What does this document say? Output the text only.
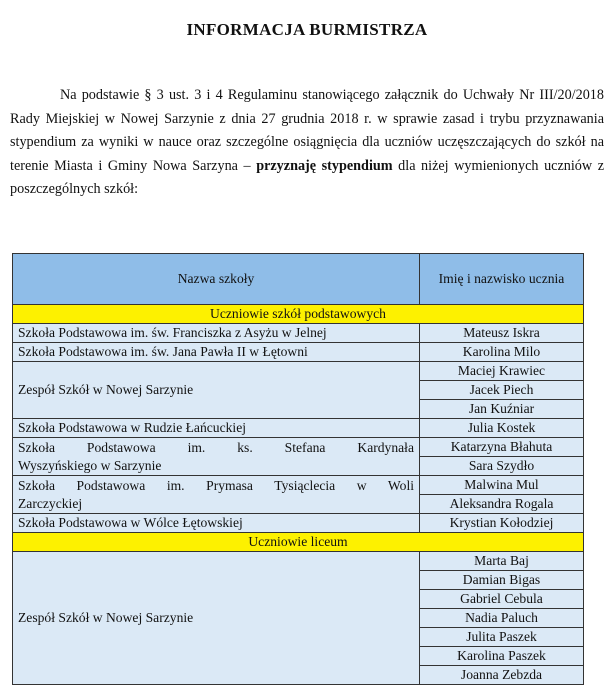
INFORMACJA BURMISTRZA

Na podstawie § 3 ust. 3 i 4 Regulaminu stanowiącego załącznik do Uchwały Nr III/20/2018 Rady Miejskiej w Nowej Sarzynie z dnia 27 grudnia 2018 r. w sprawie zasad i trybu przyznawania stypendium za wyniki w nauce oraz szczególne osiągnięcia dla uczniów uczęszczających do szkół na terenie Miasta i Gminy Nowa Sarzyna – przyznaję stypendium dla niżej wymienionych uczniów z poszczególnych szkół:

Nazwa szkoły	Imię i nazwisko ucznia
Uczniowie szkół podstawowych	
Szkoła Podstawowa im. św. Franciszka z Asyżu w Jelnej	Mateusz Iskra
Szkoła Podstawowa im. św. Jana Pawła II w Łętowni	Karolina Milo
Zespół Szkół w Nowej Sarzynie	Maciej Krawiec
	Jacek Piech
	Jan Kuźniar
Szkoła Podstawowa w Rudzie Łańcuckiej	Julia Kostek

Szkoła Podstawowa im. ks. Stefana Kardynała
Wyszyńskiego w Sarzynie	Katarzyna Błahuta
	Sara Szydło

Szkoła Podstawowa im. Prymasa Tysiąclecia w Woli
Zarczyckiej	Malwina Mul
	Aleksandra Rogala
Szkoła Podstawowa w Wólce Łętowskiej	Krystian Kołodziej
Uczniowie liceum	
Zespół Szkół w Nowej Sarzynie	Marta Baj
	Damian Bigas
	Gabriel Cebula
	Nadia Paluch
	Julita Paszek
	Karolina Paszek
	Joanna Zebzda
